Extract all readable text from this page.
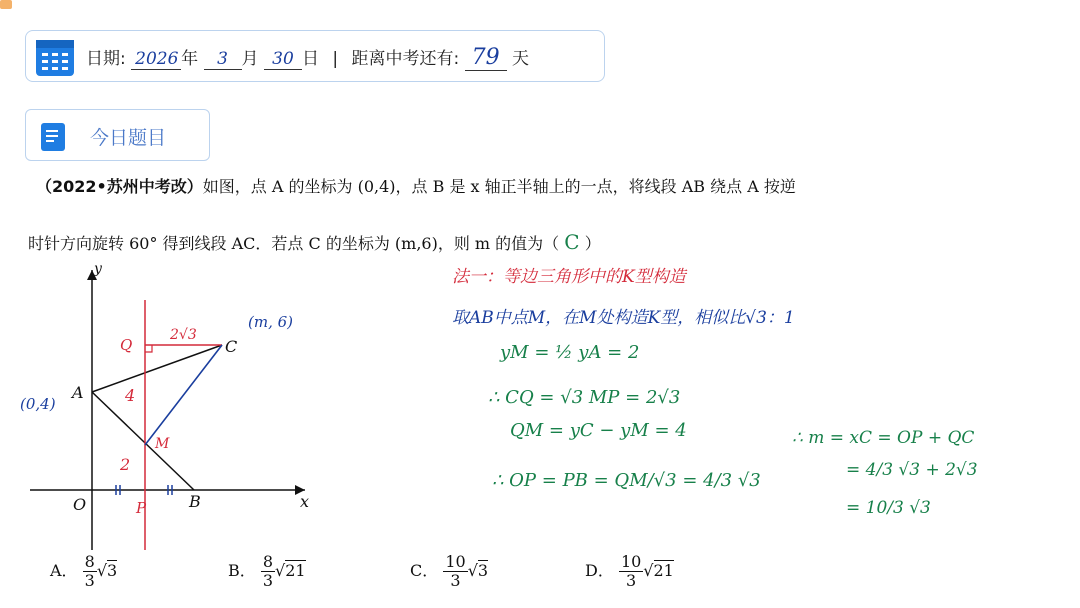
日期: 2026 年 3 月 30 日 | 距离中考还有: 79 天
今日题目
（2022•苏州中考改）如图，点 A 的坐标为 (0,4)，点 B 是 x 轴正半轴上的一点，将线段 AB 绕点 A 按逆
时针方向旋转 60° 得到线段 AC．若点 C 的坐标为 (m,6)，则 m 的值为（ C ）
y
x
O
A
B
C
Q
P
M
(m, 6)
(0,4)
2√3
4
2
A． $\frac{8}{3} √3$	B． $\frac{8}{3} √21$	C． $\frac{10}{3} √3$	D． $\frac{10}{3} √21$
法一：等边三角形中的K型构造
取AB中点M，在M处构造K型，相似比√3：1
yM = ½ yA = 2
∴ CQ = √3 MP = 2√3
QM = yC − yM = 4
∴ OP = PB = QM/√3 = 4/3 √3
∴ m = xC = OP + QC
= 4/3 √3 + 2√3
= 10/3 √3
